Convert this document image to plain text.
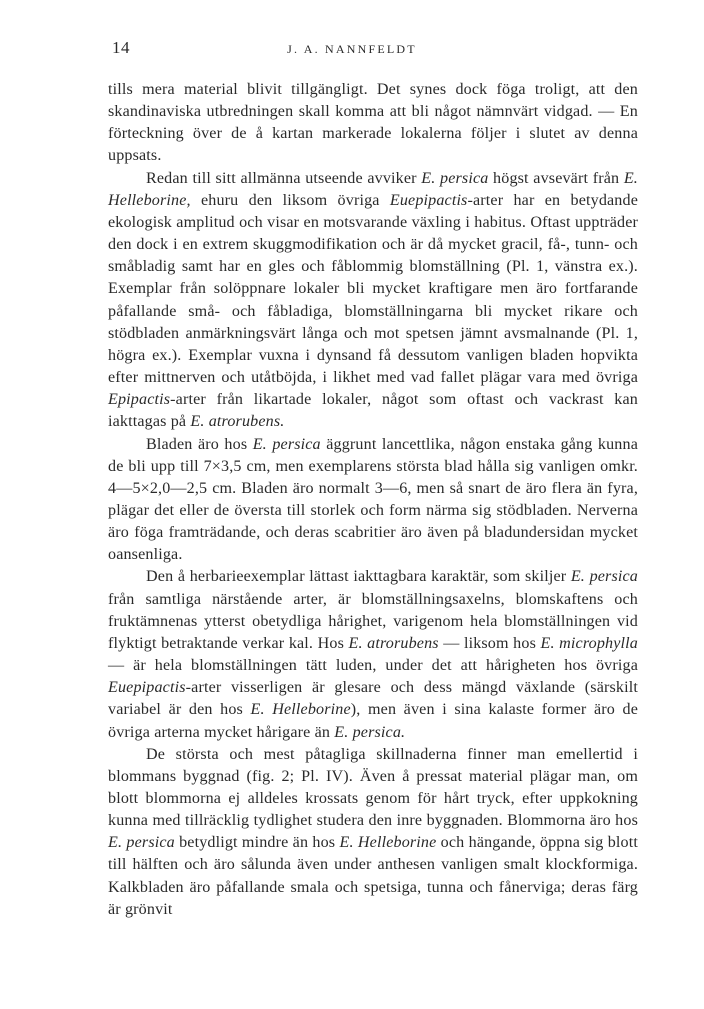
14	J. A. NANNFELDT

tills mera material blivit tillgängligt. Det synes dock föga troligt, att den skandinaviska utbredningen skall komma att bli något nämnvärt vidgad. — En förteckning över de å kartan markerade lokalerna följer i slutet av denna uppsats.

Redan till sitt allmänna utseende avviker E. persica högst avsevärt från E. Helleborine, ehuru den liksom övriga Euepipactis-arter har en betydande ekologisk amplitud och visar en motsvarande växling i habitus. Oftast uppträder den dock i en extrem skuggmodifikation och är då mycket gracil, få-, tunn- och småbladig samt har en gles och fåblommig blomställning (Pl. 1, vänstra ex.). Exemplar från solöppnare lokaler bli mycket kraftigare men äro fortfarande påfallande små- och fåbladiga, blomställningarna bli mycket rikare och stödbladen anmärkningsvärt långa och mot spetsen jämnt avsmalnande (Pl. 1, högra ex.). Exemplar vuxna i dynsand få dessutom vanligen bladen hopvikta efter mittnerven och utåtböjda, i likhet med vad fallet plägar vara med övriga Epipactis-arter från likartade lokaler, något som oftast och vackrast kan iakttagas på E. atrorubens.

Bladen äro hos E. persica äggrunt lancettlika, någon enstaka gång kunna de bli upp till 7×3,5 cm, men exemplarens största blad hålla sig vanligen omkr. 4—5×2,0—2,5 cm. Bladen äro normalt 3—6, men så snart de äro flera än fyra, plägar det eller de översta till storlek och form närma sig stödbladen. Nerverna äro föga framträdande, och deras scabritier äro även på bladundersidan mycket oansenliga.

Den å herbarieexemplar lättast iakttagbara karaktär, som skiljer E. persica från samtliga närstående arter, är blomställningsaxelns, blomskaftens och fruktämnenas ytterst obetydliga hårighet, varigenom hela blomställningen vid flyktigt betraktande verkar kal. Hos E. atrorubens — liksom hos E. microphylla — är hela blomställningen tätt luden, under det att hårigheten hos övriga Euepipactis-arter visserligen är glesare och dess mängd växlande (särskilt variabel är den hos E. Helleborine), men även i sina kalaste former äro de övriga arterna mycket hårigare än E. persica.

De största och mest påtagliga skillnaderna finner man emellertid i blommans byggnad (fig. 2; Pl. IV). Även å pressat material plägar man, om blott blommorna ej alldeles krossats genom för hårt tryck, efter uppkokning kunna med tillräcklig tydlighet studera den inre byggnaden. Blommorna äro hos E. persica betydligt mindre än hos E. Helleborine och hängande, öppna sig blott till hälften och äro sålunda även under anthesen vanligen smalt klockformiga. Kalkbladen äro påfallande smala och spetsiga, tunna och fånerviga; deras färg är grönvit
